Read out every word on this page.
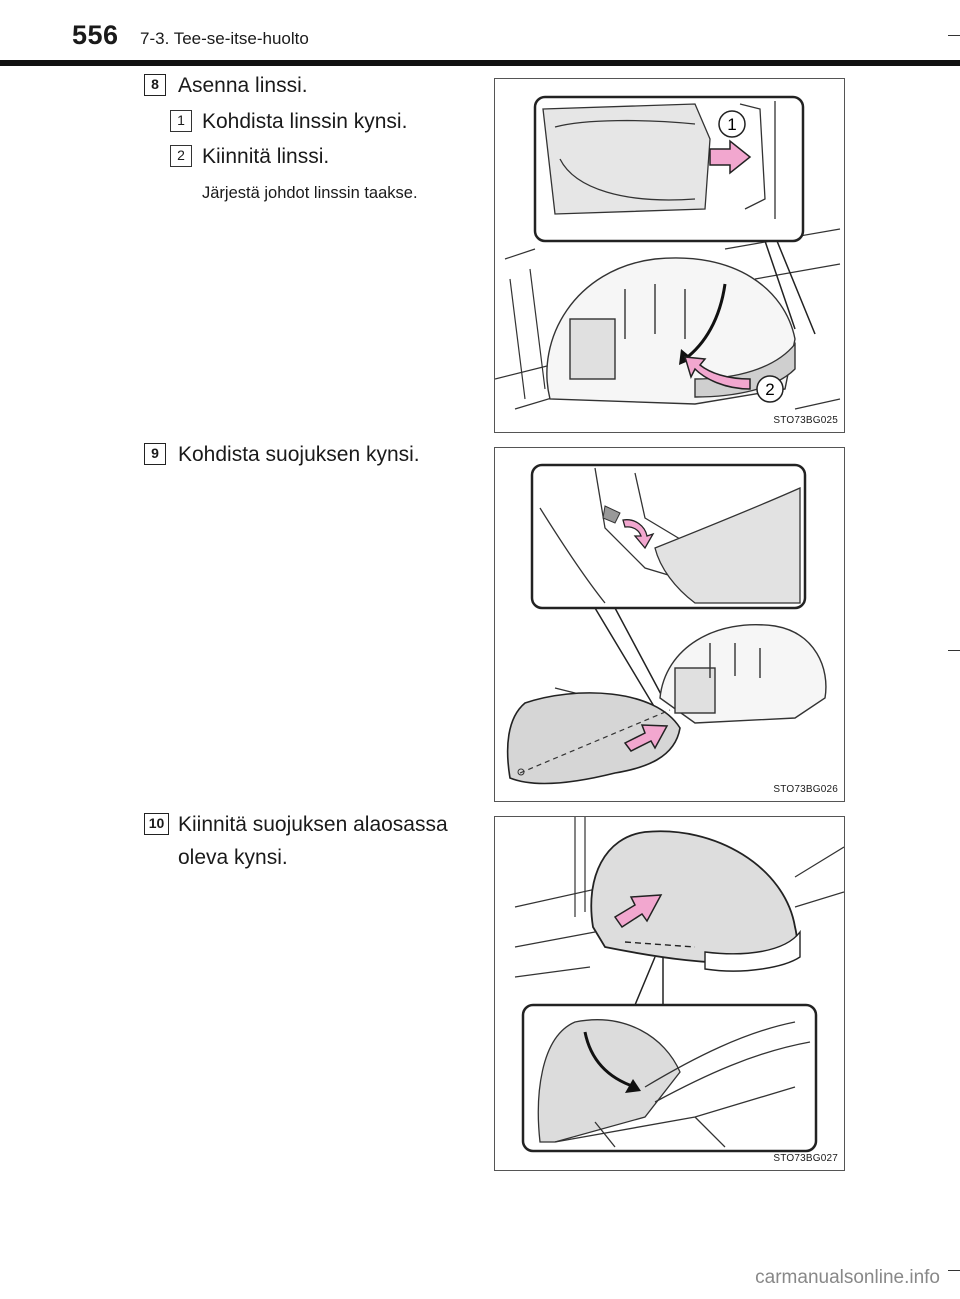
556 7-3. Tee-se-itse-huolto
8 Asenna linssi.
1 Kohdista linssin kynsi.
2 Kiinnitä linssi.
Järjestä johdot linssin taakse.
1
2
STO73BG025
9 Kohdista suojuksen kynsi.
STO73BG026
10 Kiinnitä suojuksen alaosassa
oleva kynsi.
STO73BG027
carmanualsonline.info
